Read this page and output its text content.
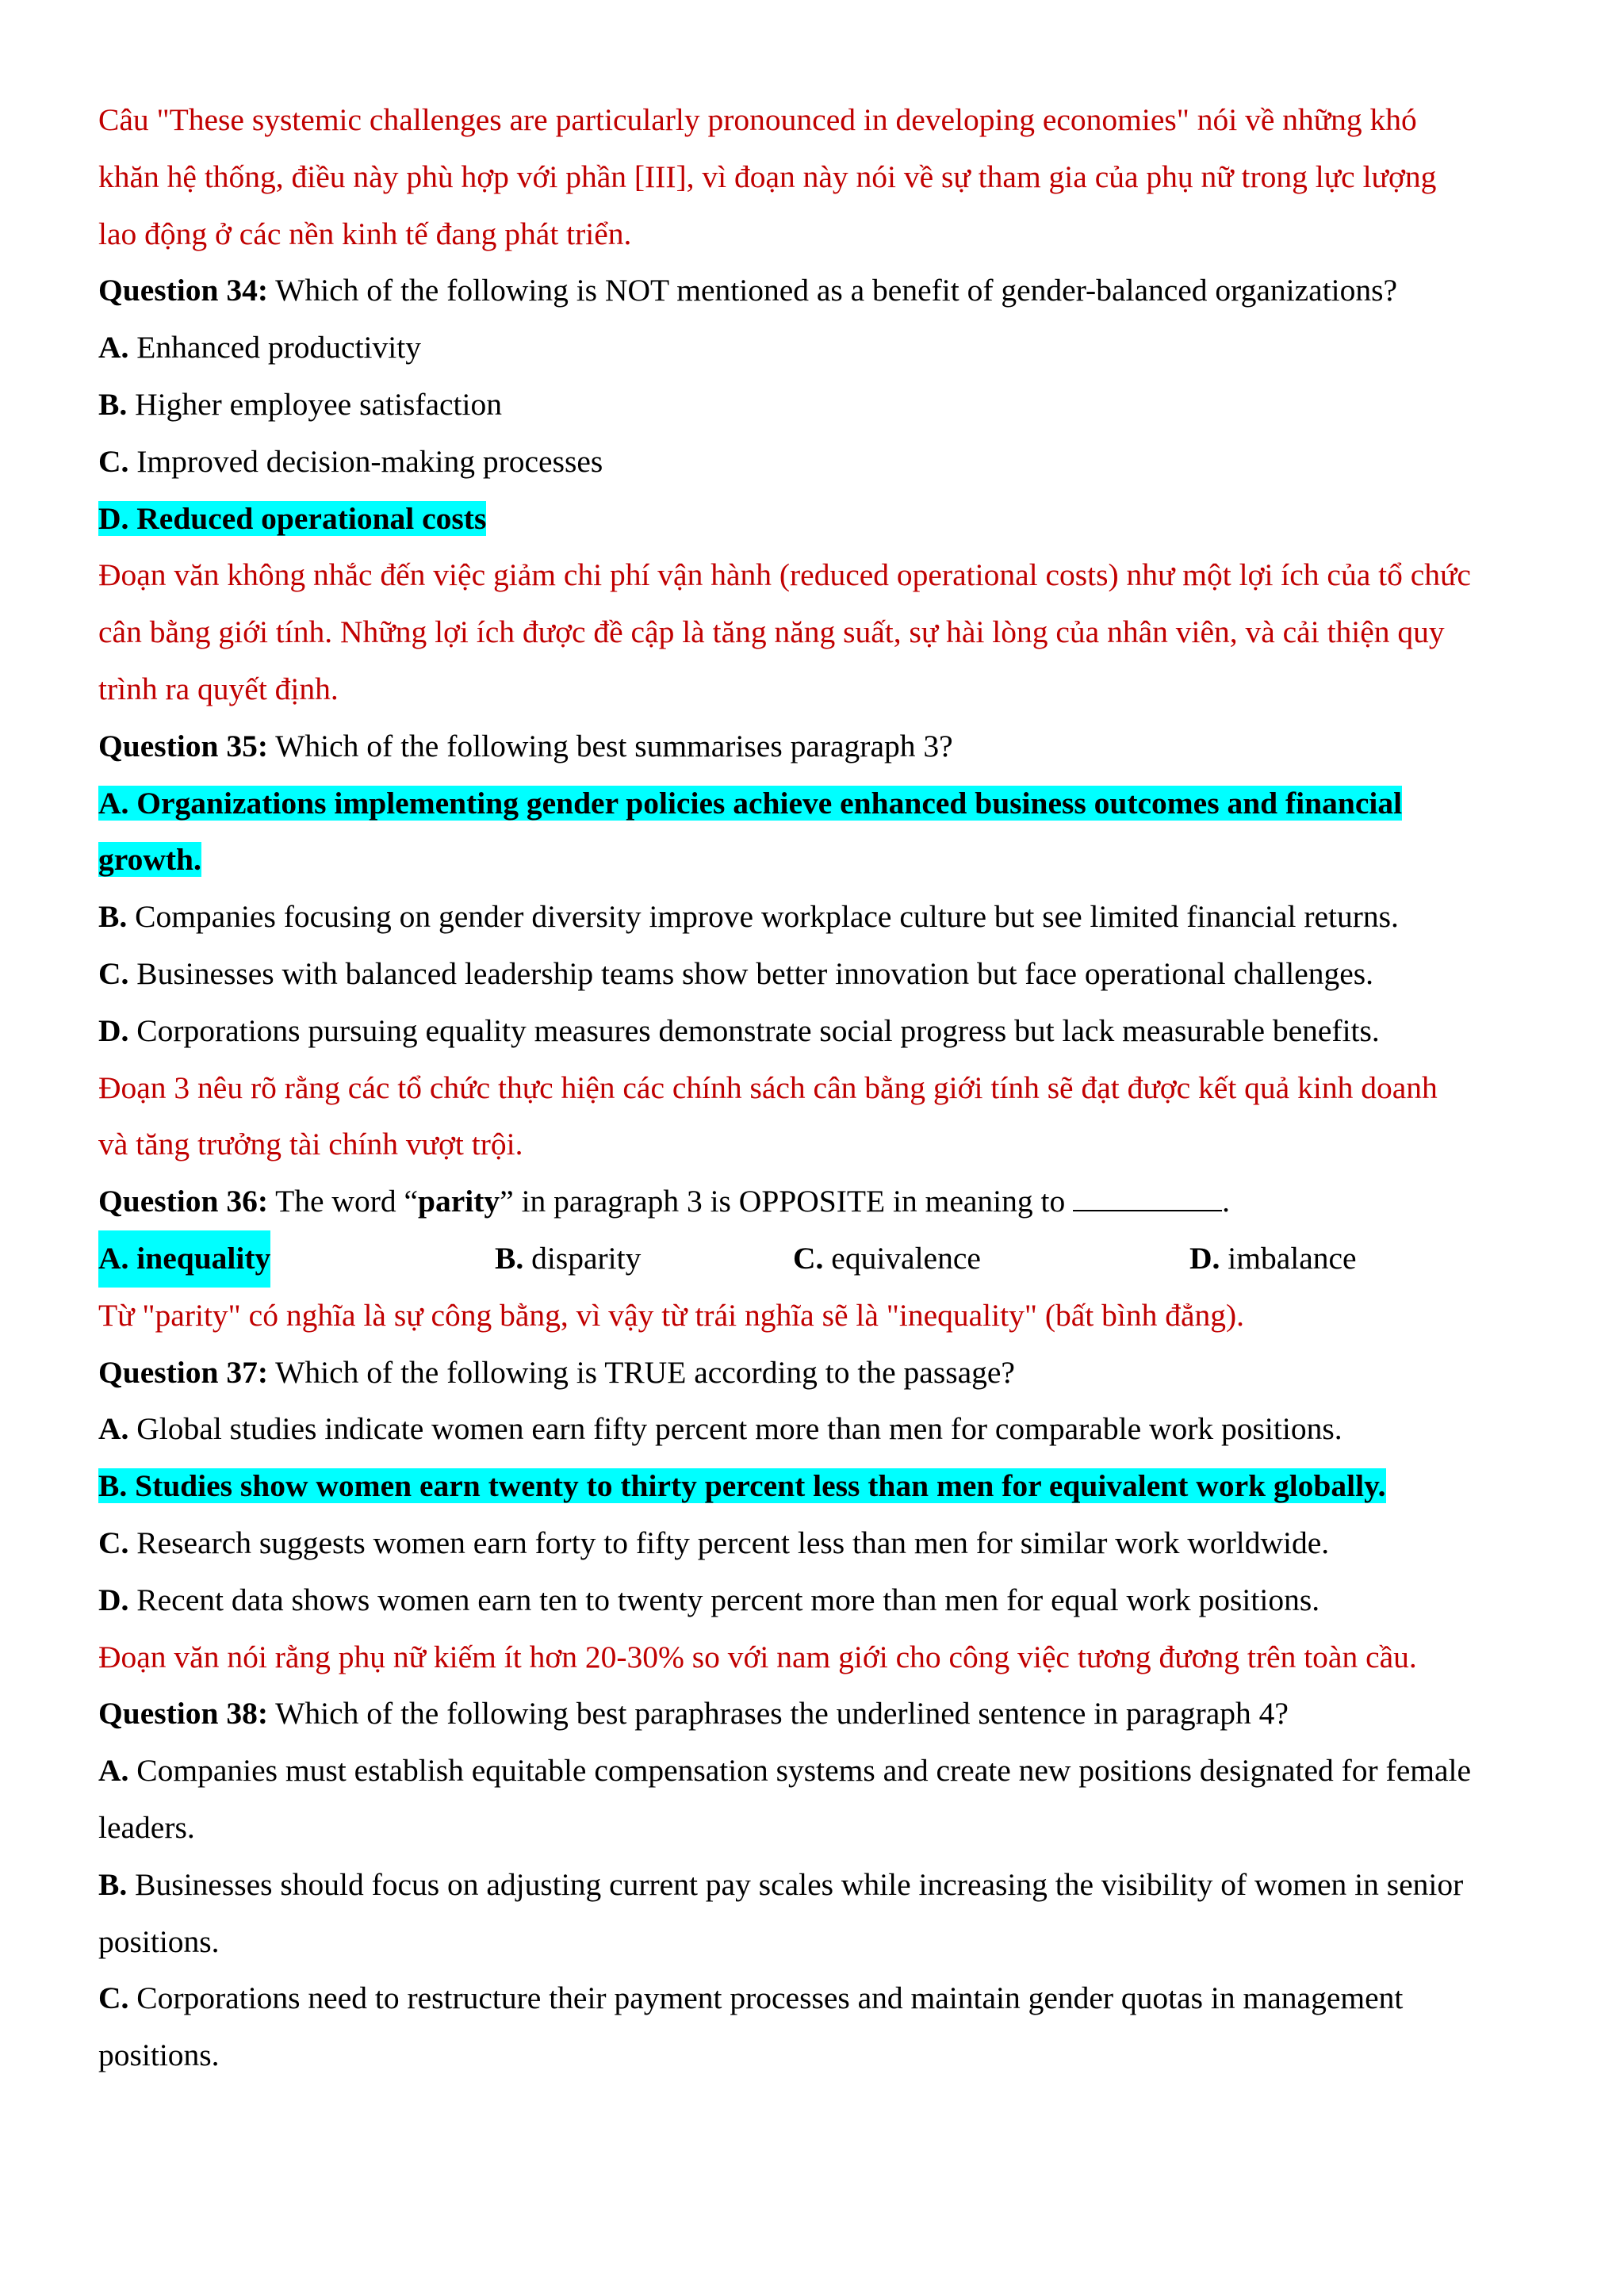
Câu "These systemic challenges are particularly pronounced in developing economies" nói về những khó
khăn hệ thống, điều này phù hợp với phần [III], vì đoạn này nói về sự tham gia của phụ nữ trong lực lượng
lao động ở các nền kinh tế đang phát triển.
Question 34: Which of the following is NOT mentioned as a benefit of gender-balanced organizations?
A. Enhanced productivity
B. Higher employee satisfaction
C. Improved decision-making processes
D. Reduced operational costs
Đoạn văn không nhắc đến việc giảm chi phí vận hành (reduced operational costs) như một lợi ích của tổ chức
cân bằng giới tính. Những lợi ích được đề cập là tăng năng suất, sự hài lòng của nhân viên, và cải thiện quy
trình ra quyết định.
Question 35: Which of the following best summarises paragraph 3?
A. Organizations implementing gender policies achieve enhanced business outcomes and financial
growth.
B. Companies focusing on gender diversity improve workplace culture but see limited financial returns.
C. Businesses with balanced leadership teams show better innovation but face operational challenges.
D. Corporations pursuing equality measures demonstrate social progress but lack measurable benefits.
Đoạn 3 nêu rõ rằng các tổ chức thực hiện các chính sách cân bằng giới tính sẽ đạt được kết quả kinh doanh
và tăng trưởng tài chính vượt trội.
Question 36: The word “parity” in paragraph 3 is OPPOSITE in meaning to	.
A. inequality	B. disparity	C. equivalence	D. imbalance
Từ "parity" có nghĩa là sự công bằng, vì vậy từ trái nghĩa sẽ là "inequality" (bất bình đẳng).
Question 37: Which of the following is TRUE according to the passage?
A. Global studies indicate women earn fifty percent more than men for comparable work positions.
B. Studies show women earn twenty to thirty percent less than men for equivalent work globally.
C. Research suggests women earn forty to fifty percent less than men for similar work worldwide.
D. Recent data shows women earn ten to twenty percent more than men for equal work positions.
Đoạn văn nói rằng phụ nữ kiếm ít hơn 20-30% so với nam giới cho công việc tương đương trên toàn cầu.
Question 38: Which of the following best paraphrases the underlined sentence in paragraph 4?
A. Companies must establish equitable compensation systems and create new positions designated for female
leaders.
B. Businesses should focus on adjusting current pay scales while increasing the visibility of women in senior
positions.
C. Corporations need to restructure their payment processes and maintain gender quotas in management
positions.
